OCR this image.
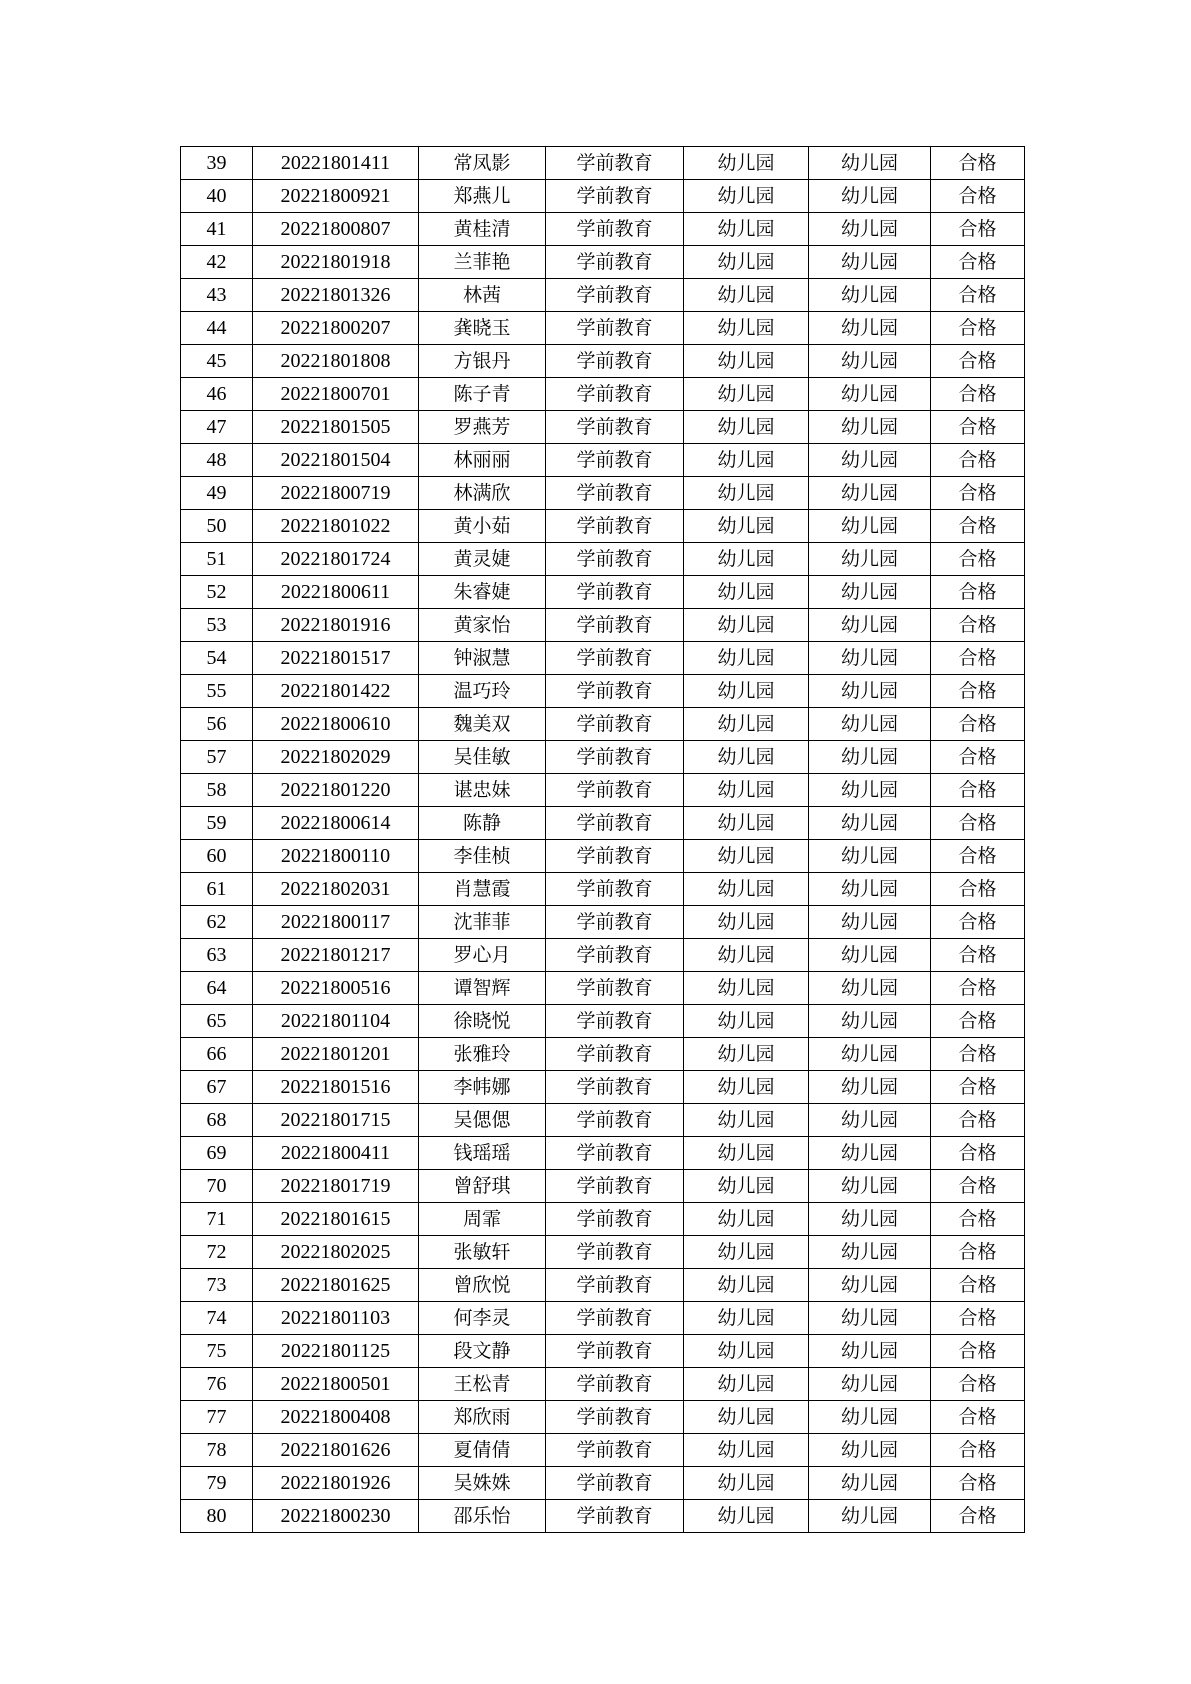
39	20221801411	常凤影	学前教育	幼儿园	幼儿园	合格
40	20221800921	郑燕儿	学前教育	幼儿园	幼儿园	合格
41	20221800807	黄桂清	学前教育	幼儿园	幼儿园	合格
42	20221801918	兰菲艳	学前教育	幼儿园	幼儿园	合格
43	20221801326	林茜	学前教育	幼儿园	幼儿园	合格
44	20221800207	龚晓玉	学前教育	幼儿园	幼儿园	合格
45	20221801808	方银丹	学前教育	幼儿园	幼儿园	合格
46	20221800701	陈子青	学前教育	幼儿园	幼儿园	合格
47	20221801505	罗燕芳	学前教育	幼儿园	幼儿园	合格
48	20221801504	林丽丽	学前教育	幼儿园	幼儿园	合格
49	20221800719	林满欣	学前教育	幼儿园	幼儿园	合格
50	20221801022	黄小茹	学前教育	幼儿园	幼儿园	合格
51	20221801724	黄灵婕	学前教育	幼儿园	幼儿园	合格
52	20221800611	朱睿婕	学前教育	幼儿园	幼儿园	合格
53	20221801916	黄家怡	学前教育	幼儿园	幼儿园	合格
54	20221801517	钟淑慧	学前教育	幼儿园	幼儿园	合格
55	20221801422	温巧玲	学前教育	幼儿园	幼儿园	合格
56	20221800610	魏美双	学前教育	幼儿园	幼儿园	合格
57	20221802029	吴佳敏	学前教育	幼儿园	幼儿园	合格
58	20221801220	谌忠妹	学前教育	幼儿园	幼儿园	合格
59	20221800614	陈静	学前教育	幼儿园	幼儿园	合格
60	20221800110	李佳桢	学前教育	幼儿园	幼儿园	合格
61	20221802031	肖慧霞	学前教育	幼儿园	幼儿园	合格
62	20221800117	沈菲菲	学前教育	幼儿园	幼儿园	合格
63	20221801217	罗心月	学前教育	幼儿园	幼儿园	合格
64	20221800516	谭智辉	学前教育	幼儿园	幼儿园	合格
65	20221801104	徐晓悦	学前教育	幼儿园	幼儿园	合格
66	20221801201	张雅玲	学前教育	幼儿园	幼儿园	合格
67	20221801516	李帏娜	学前教育	幼儿园	幼儿园	合格
68	20221801715	吴偲偲	学前教育	幼儿园	幼儿园	合格
69	20221800411	钱瑶瑶	学前教育	幼儿园	幼儿园	合格
70	20221801719	曾舒琪	学前教育	幼儿园	幼儿园	合格
71	20221801615	周霏	学前教育	幼儿园	幼儿园	合格
72	20221802025	张敏轩	学前教育	幼儿园	幼儿园	合格
73	20221801625	曾欣悦	学前教育	幼儿园	幼儿园	合格
74	20221801103	何李灵	学前教育	幼儿园	幼儿园	合格
75	20221801125	段文静	学前教育	幼儿园	幼儿园	合格
76	20221800501	王松青	学前教育	幼儿园	幼儿园	合格
77	20221800408	郑欣雨	学前教育	幼儿园	幼儿园	合格
78	20221801626	夏倩倩	学前教育	幼儿园	幼儿园	合格
79	20221801926	吴姝姝	学前教育	幼儿园	幼儿园	合格
80	20221800230	邵乐怡	学前教育	幼儿园	幼儿园	合格
